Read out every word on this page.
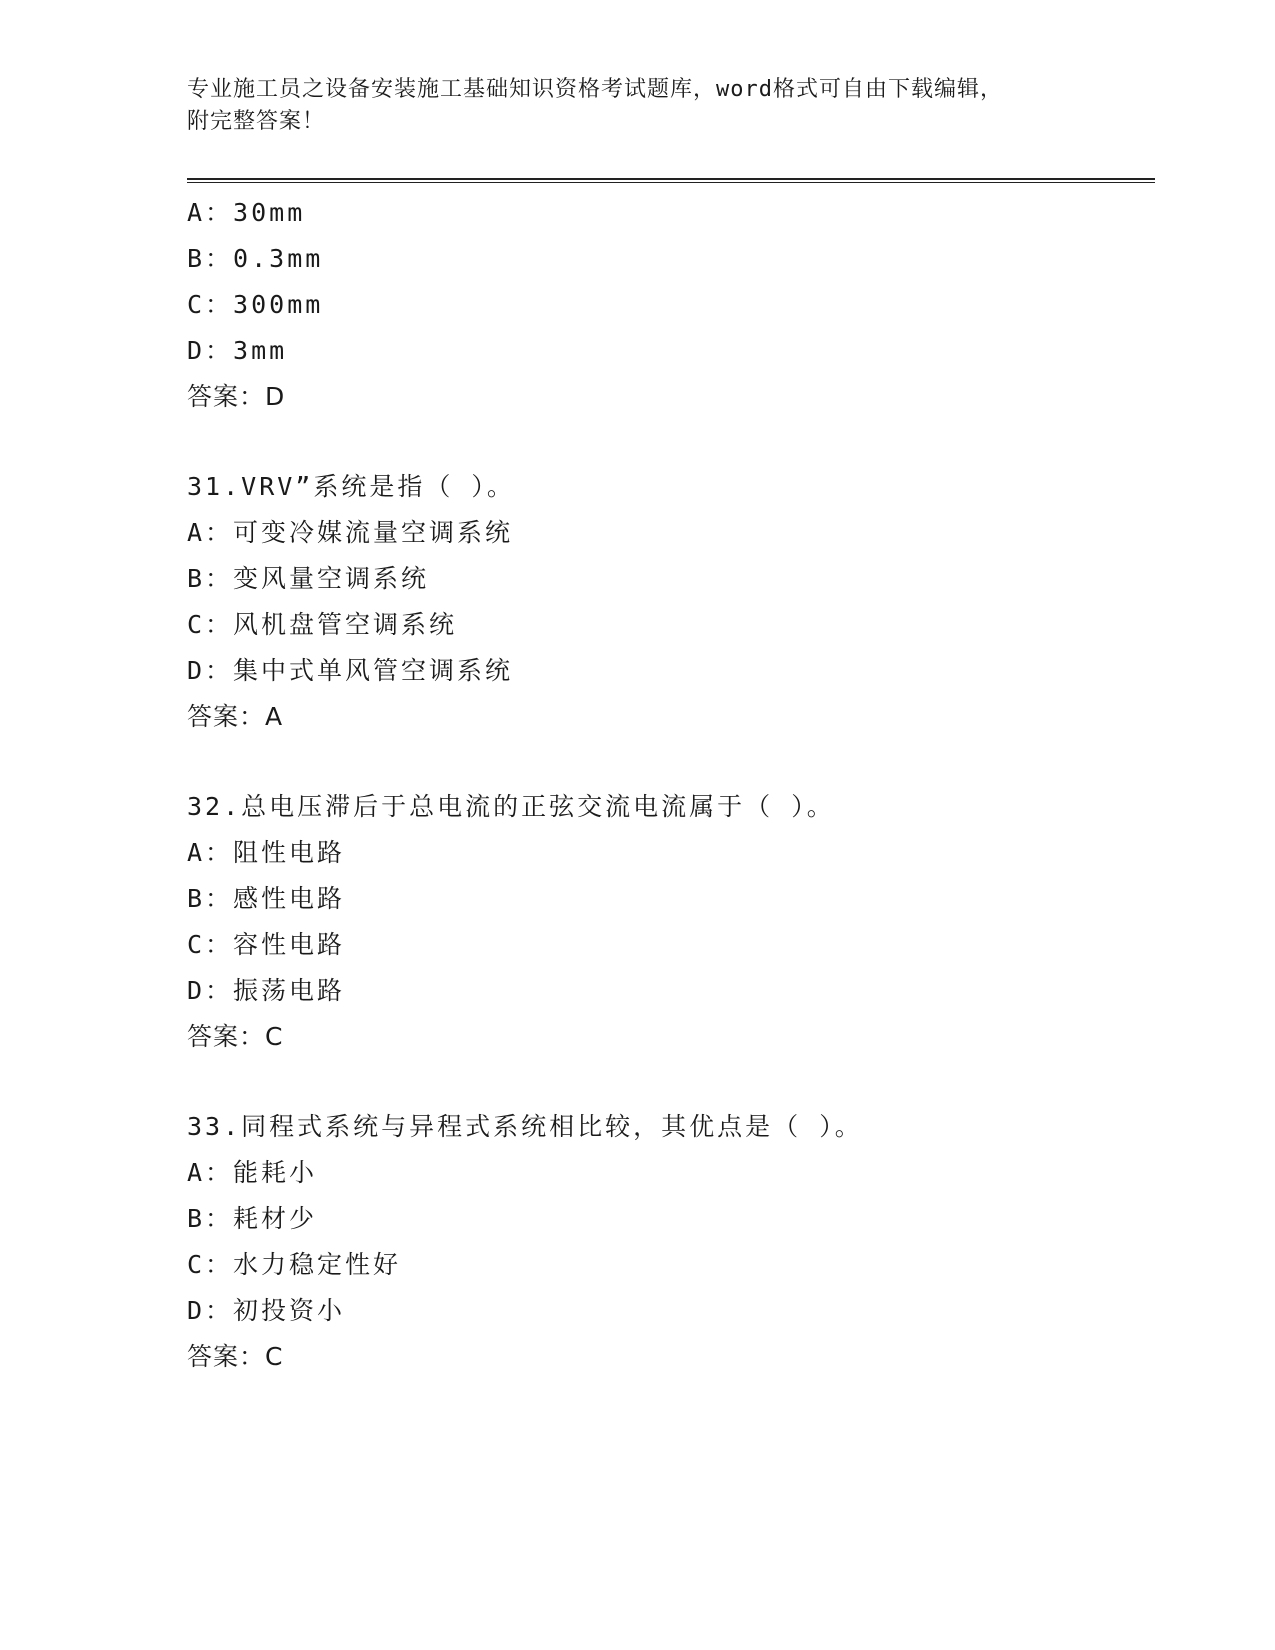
专业施工员之设备安装施工基础知识资格考试题库，word格式可自由下载编辑，
附完整答案！
A：30mm
B：0.3mm
C：300mm
D：3mm
答案：D
31.VRV”系统是指（ ）。
A：可变冷媒流量空调系统
B：变风量空调系统
C：风机盘管空调系统
D：集中式单风管空调系统
答案：A
32.总电压滞后于总电流的正弦交流电流属于（ ）。
A：阻性电路
B：感性电路
C：容性电路
D：振荡电路
答案：C
33.同程式系统与异程式系统相比较，其优点是（ ）。
A：能耗小
B：耗材少
C：水力稳定性好
D：初投资小
答案：C
